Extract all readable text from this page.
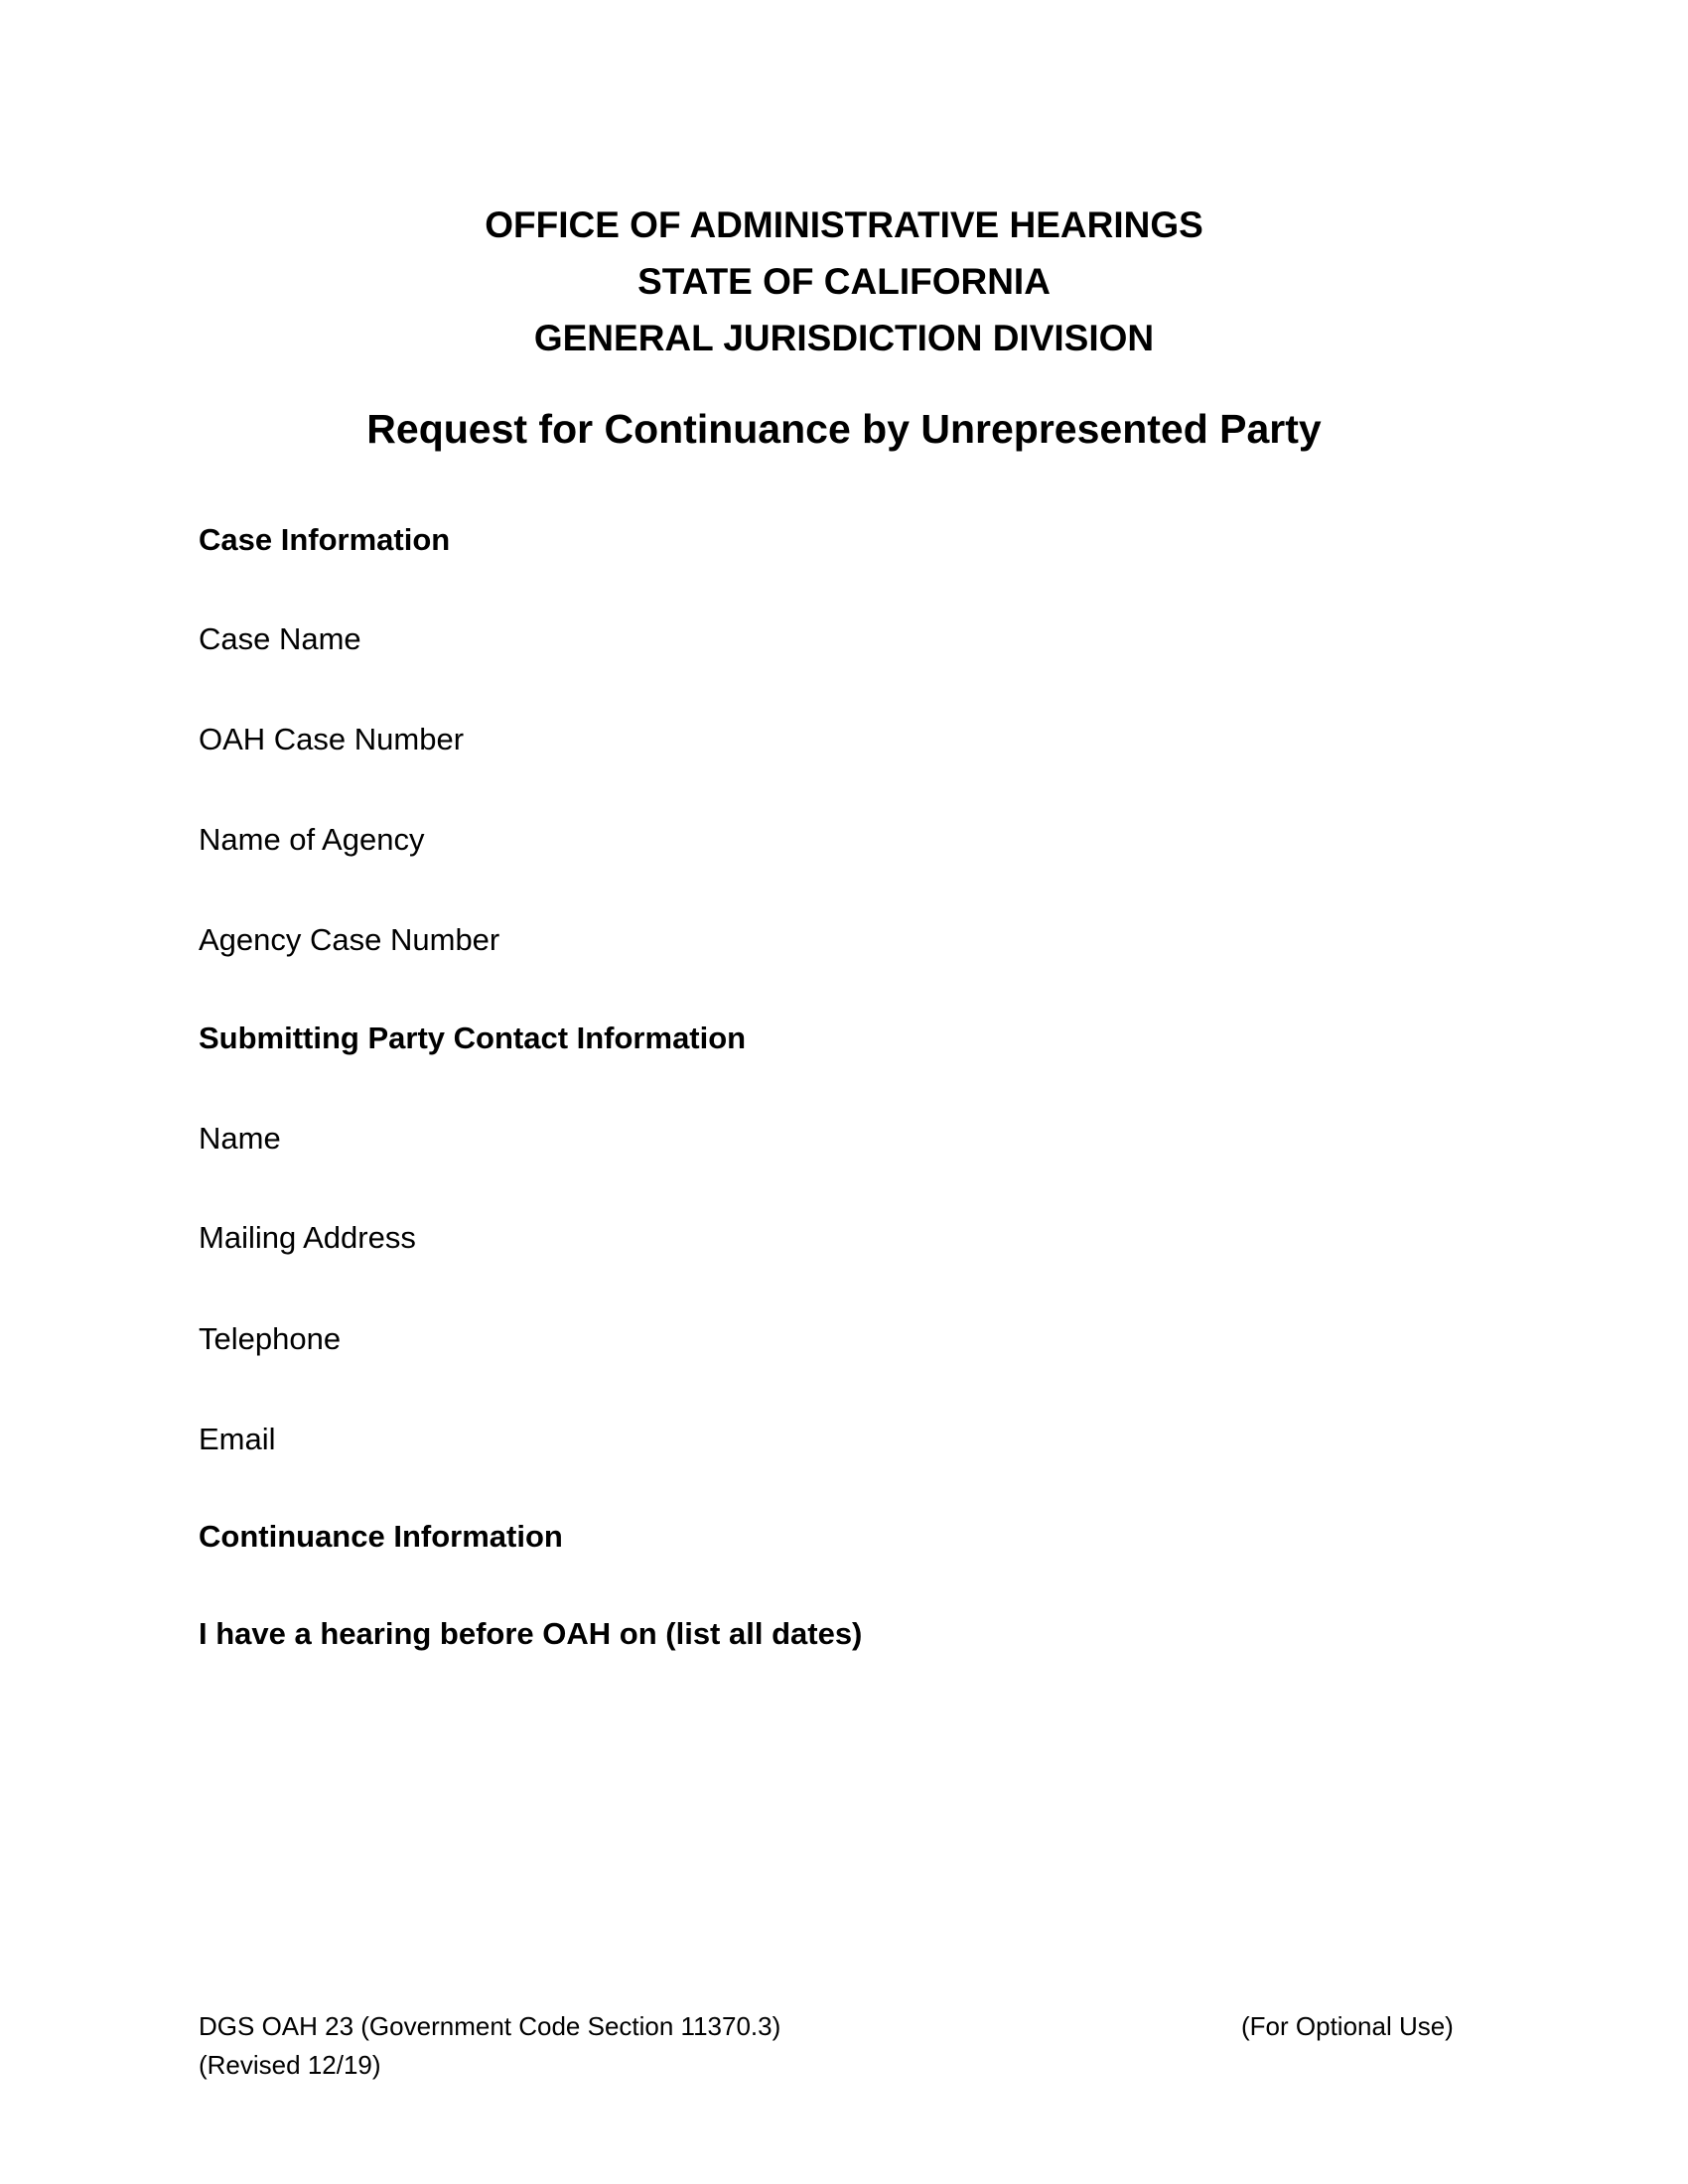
OFFICE OF ADMINISTRATIVE HEARINGS
STATE OF CALIFORNIA
GENERAL JURISDICTION DIVISION
Request for Continuance by Unrepresented Party
Case Information
Case Name
OAH Case Number
Name of Agency
Agency Case Number
Submitting Party Contact Information
Name
Mailing Address
Telephone
Email
Continuance Information
I have a hearing before OAH on (list all dates)
DGS OAH 23 (Government Code Section 11370.3)
(Revised 12/19)
(For Optional Use)
